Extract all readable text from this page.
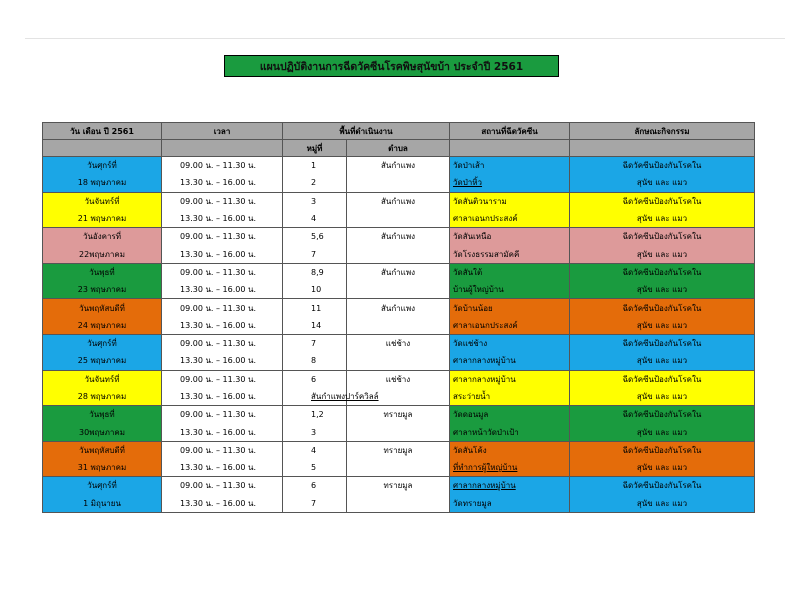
แผนปฏิบัติงานการฉีดวัคซีนโรคพิษสุนัขบ้า ประจำปี 2561
วัน เดือน ปี 2561	เวลา	พื้นที่ดำเนินงาน		สถานที่ฉีดวัคซีน	ลักษณะกิจกรรม
		หมู่ที่	ตำบล		
วันศุกร์ที่	09.00 น. – 11.30 น.	1	สันกำแพง	วัดป่าเส้า	ฉีดวัคซีนป้องกันโรคใน
18 พฤษภาคม	13.30 น. – 16.00 น.	2		วัดป่าหิ้ว	สุนัข และ แมว
วันจันทร์ที่	09.00 น. – 11.30 น.	3	สันกำแพง	วัดสันติวนาราม	ฉีดวัคซีนป้องกันโรคใน
21 พฤษภาคม	13.30 น. – 16.00 น.	4		ศาลาเอนกประสงค์	สุนัข และ แมว
วันอังคารที่	09.00 น. – 11.30 น.	5,6	สันกำแพง	วัดสันเหนือ	ฉีดวัคซีนป้องกันโรคใน
22พฤษภาคม	13.30 น. – 16.00 น.	7		วัดโรงธรรมสามัคคี	สุนัข และ แมว
วันพุธที่	09.00 น. – 11.30 น.	8,9	สันกำแพง	วัดสันใต้	ฉีดวัคซีนป้องกันโรคใน
23 พฤษภาคม	13.30 น. – 16.00 น.	10		บ้านผู้ใหญ่บ้าน	สุนัข และ แมว
วันพฤหัสบดีที่	09.00 น. – 11.30 น.	11	สันกำแพง	วัดบ้านน้อย	ฉีดวัคซีนป้องกันโรคใน
24 พฤษภาคม	13.30 น. – 16.00 น.	14		ศาลาเอนกประสงค์	สุนัข และ แมว
วันศุกร์ที่	09.00 น. – 11.30 น.	7	แช่ช้าง	วัดแช่ช้าง	ฉีดวัคซีนป้องกันโรคใน
25 พฤษภาคม	13.30 น. – 16.00 น.	8		ศาลากลางหมู่บ้าน	สุนัข และ แมว
วันจันทร์ที่	09.00 น. – 11.30 น.	6	แช่ช้าง	ศาลากลางหมู่บ้าน	ฉีดวัคซีนป้องกันโรคใน
28 พฤษภาคม	13.30 น. – 16.00 น.	สันกำแพงปาร์ควิลล์		สระว่ายน้ำ	สุนัข และ แมว
วันพุธที่	09.00 น. – 11.30 น.	1,2	ทรายมูล	วัดดอนมูล	ฉีดวัคซีนป้องกันโรคใน
30พฤษภาคม	13.30 น. – 16.00 น.	3		ศาลาหน้าวัดป่าเป้า	สุนัข และ แมว
วันพฤหัสบดีที่	09.00 น. – 11.30 น.	4	ทรายมูล	วัดสันโค้ง	ฉีดวัคซีนป้องกันโรคใน
31 พฤษภาคม	13.30 น. – 16.00 น.	5		ที่ทำการผู้ใหญ่บ้าน	สุนัข และ แมว
วันศุกร์ที่	09.00 น. – 11.30 น.	6	ทรายมูล	ศาลากลางหมู่บ้าน	ฉีดวัคซีนป้องกันโรคใน
1 มิถุนายน	13.30 น. – 16.00 น.	7		วัดทรายมูล	สุนัข และ แมว
